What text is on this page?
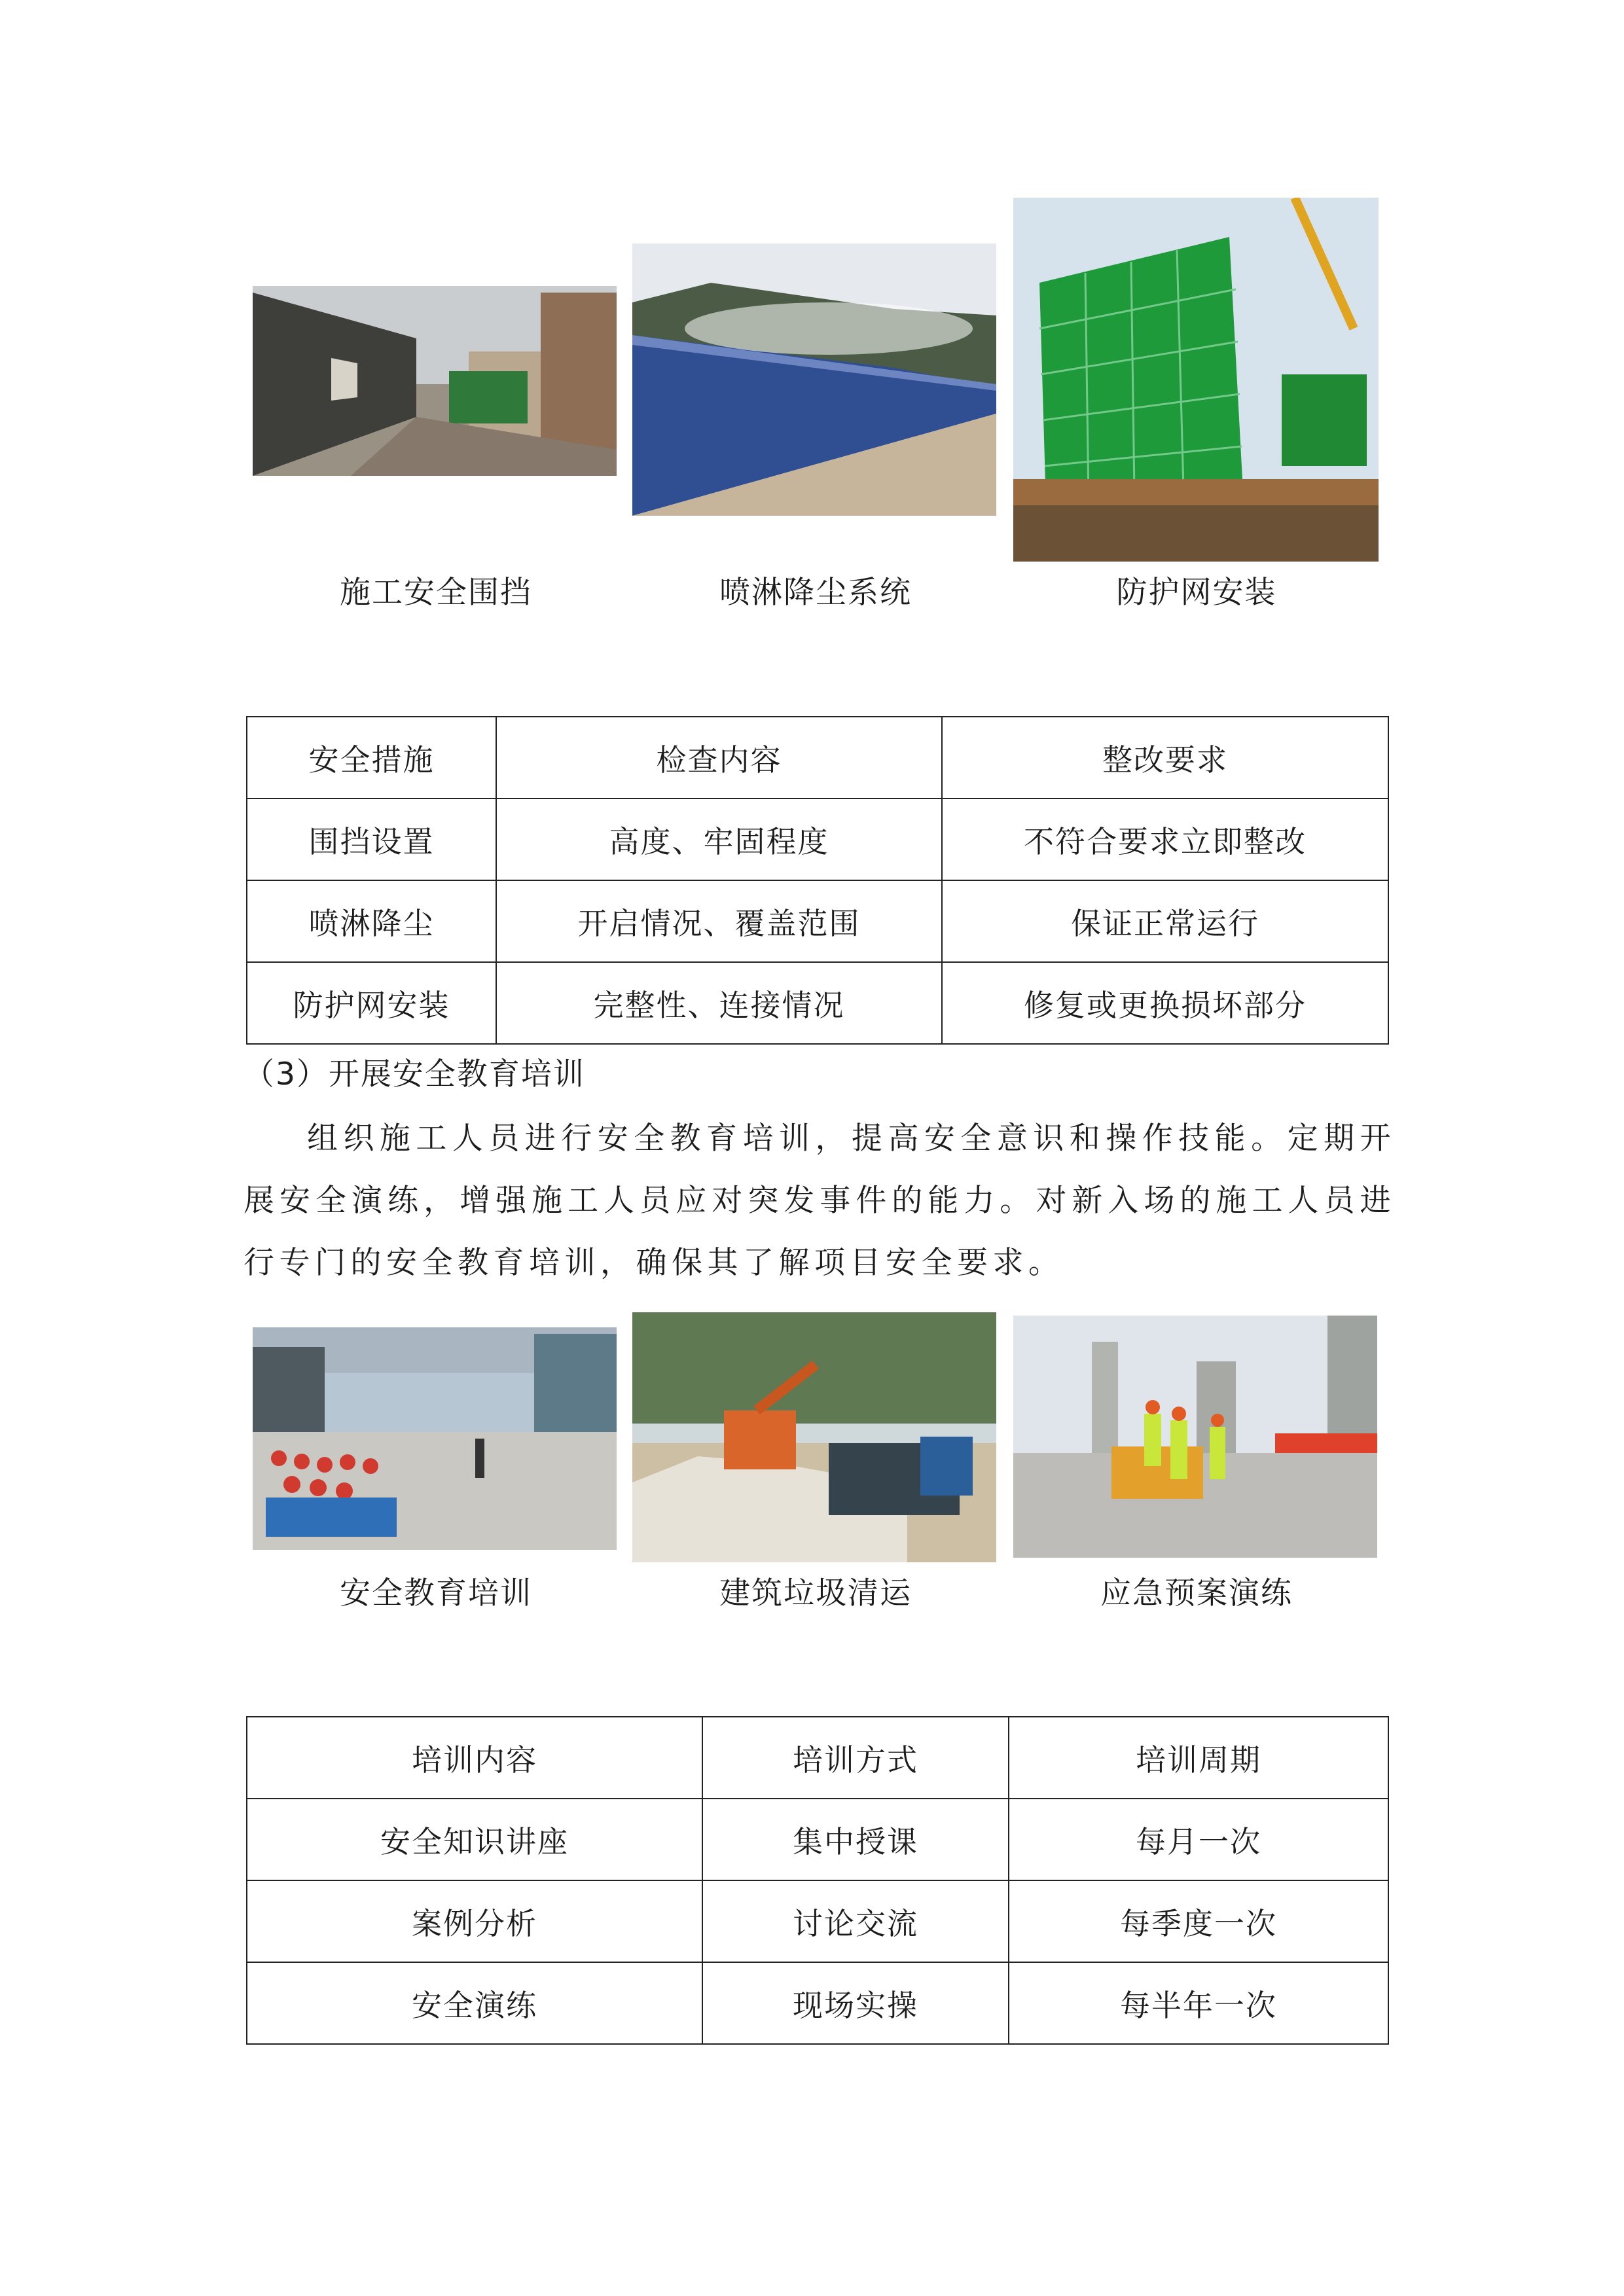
施工安全围挡	喷淋降尘系统	防护网安装
安全措施	检查内容	整改要求
围挡设置	高度、牢固程度	不符合要求立即整改
喷淋降尘	开启情况、覆盖范围	保证正常运行
防护网安装	完整性、连接情况	修复或更换损坏部分
（3）开展安全教育培训
组织施工人员进行安全教育培训，提高安全意识和操作技能。定期开展安全演练，增强施工人员应对突发事件的能力。对新入场的施工人员进行专门的安全教育培训，确保其了解项目安全要求。
安全教育培训	建筑垃圾清运	应急预案演练
培训内容	培训方式	培训周期
安全知识讲座	集中授课	每月一次
案例分析	讨论交流	每季度一次
安全演练	现场实操	每半年一次
